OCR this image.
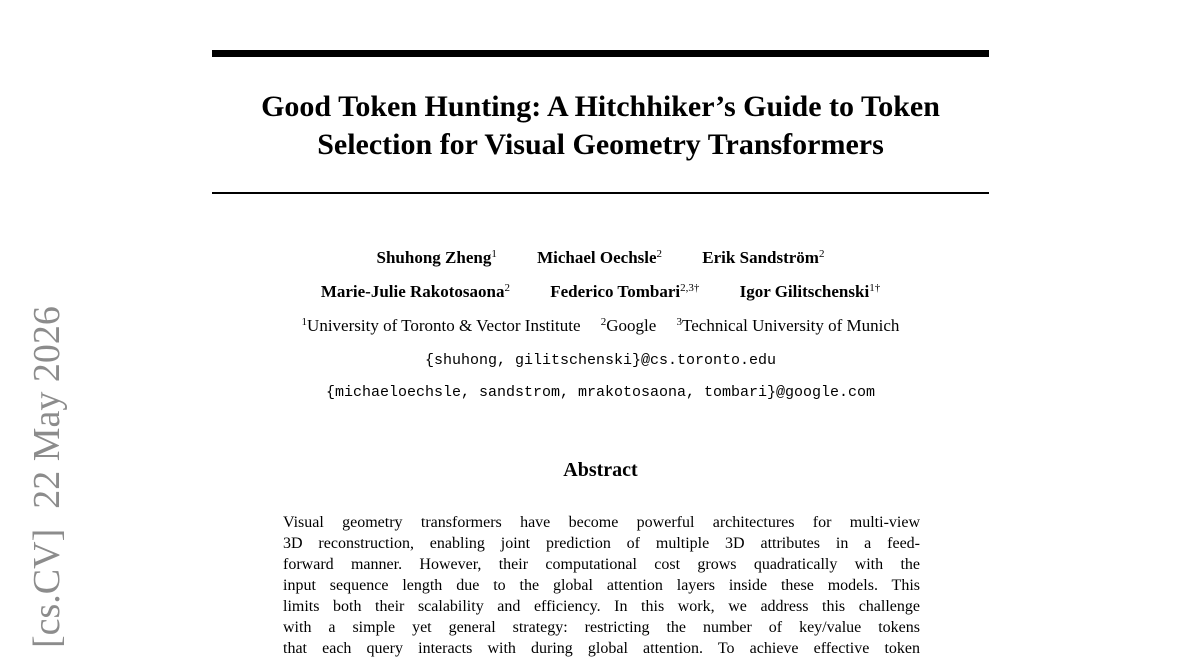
[cs.CV]22 May 2026
Good Token Hunting: A Hitchhiker’s Guide to Token
Selection for Visual Geometry Transformers
Shuhong Zheng$^1$ Michael Oechsle$^2$ Erik Sandström$^2$
Marie-Julie Rakotosaona$^2$ Federico Tombari$^{2,3\dagger}$ Igor Gilitschenski$^{1\dagger}$
$^1$University of Toronto & Vector Institute $^2$Google $^3$Technical University of Munich
{shuhong, gilitschenski}@cs.toronto.edu
{michaeloechsle, sandstrom, mrakotosaona, tombari}@google.com
Abstract
Visual geometry transformers have become powerful architectures for multi-view
3D reconstruction, enabling joint prediction of multiple 3D attributes in a feed-
forward manner. However, their computational cost grows quadratically with the
input sequence length due to the global attention layers inside these models. This
limits both their scalability and efficiency. In this work, we address this challenge
with a simple yet general strategy: restricting the number of key/value tokens
that each query interacts with during global attention. To achieve effective token
